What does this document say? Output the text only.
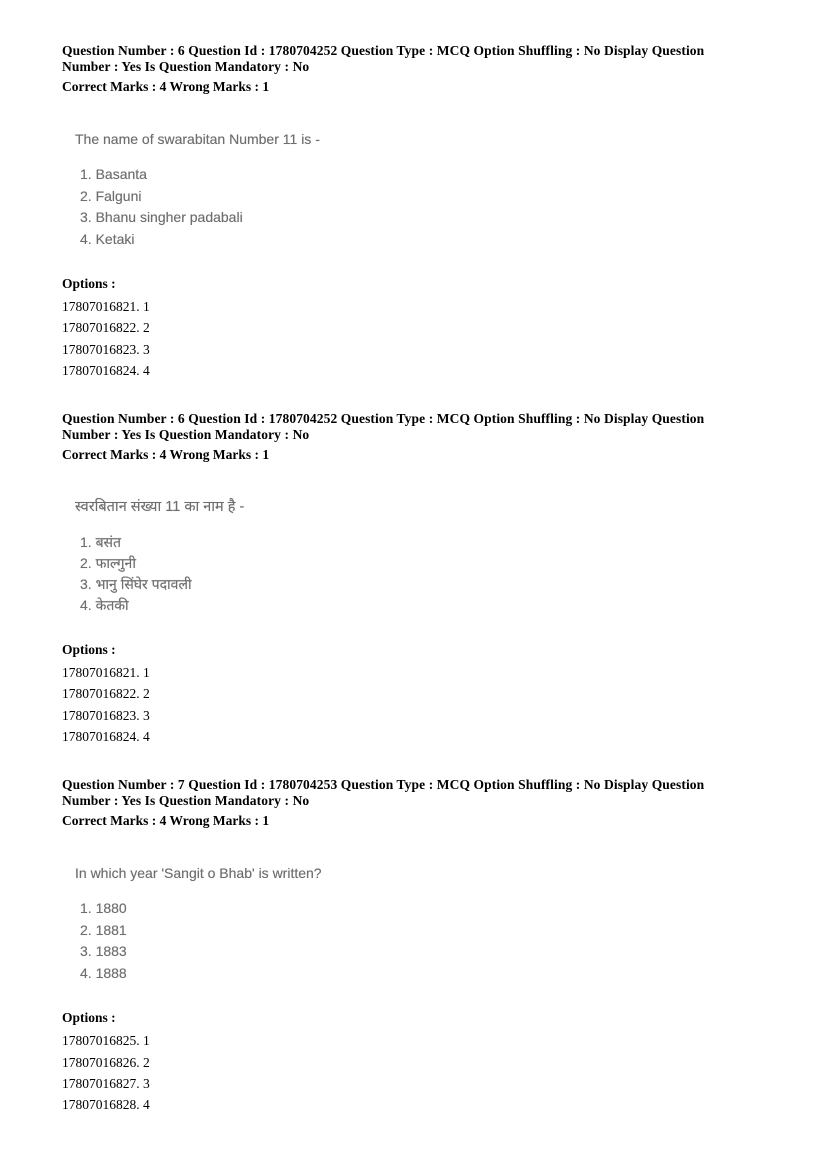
Question Number : 6 Question Id : 1780704252 Question Type : MCQ Option Shuffling : No Display Question
Number : Yes Is Question Mandatory : No
Correct Marks : 4 Wrong Marks : 1
The name of swarabitan Number 11 is -
1. Basanta
2. Falguni
3. Bhanu singher padabali
4. Ketaki
Options :
17807016821. 1
17807016822. 2
17807016823. 3
17807016824. 4
Question Number : 6 Question Id : 1780704252 Question Type : MCQ Option Shuffling : No Display Question
Number : Yes Is Question Mandatory : No
Correct Marks : 4 Wrong Marks : 1
स्वरबितान संख्या 11 का नाम है -
1. बसंत
2. फाल्गुनी
3. भानु सिंघेर पदावली
4. केतकी
Options :
17807016821. 1
17807016822. 2
17807016823. 3
17807016824. 4
Question Number : 7 Question Id : 1780704253 Question Type : MCQ Option Shuffling : No Display Question
Number : Yes Is Question Mandatory : No
Correct Marks : 4 Wrong Marks : 1
In which year 'Sangit o Bhab' is written?
1. 1880
2. 1881
3. 1883
4. 1888
Options :
17807016825. 1
17807016826. 2
17807016827. 3
17807016828. 4
